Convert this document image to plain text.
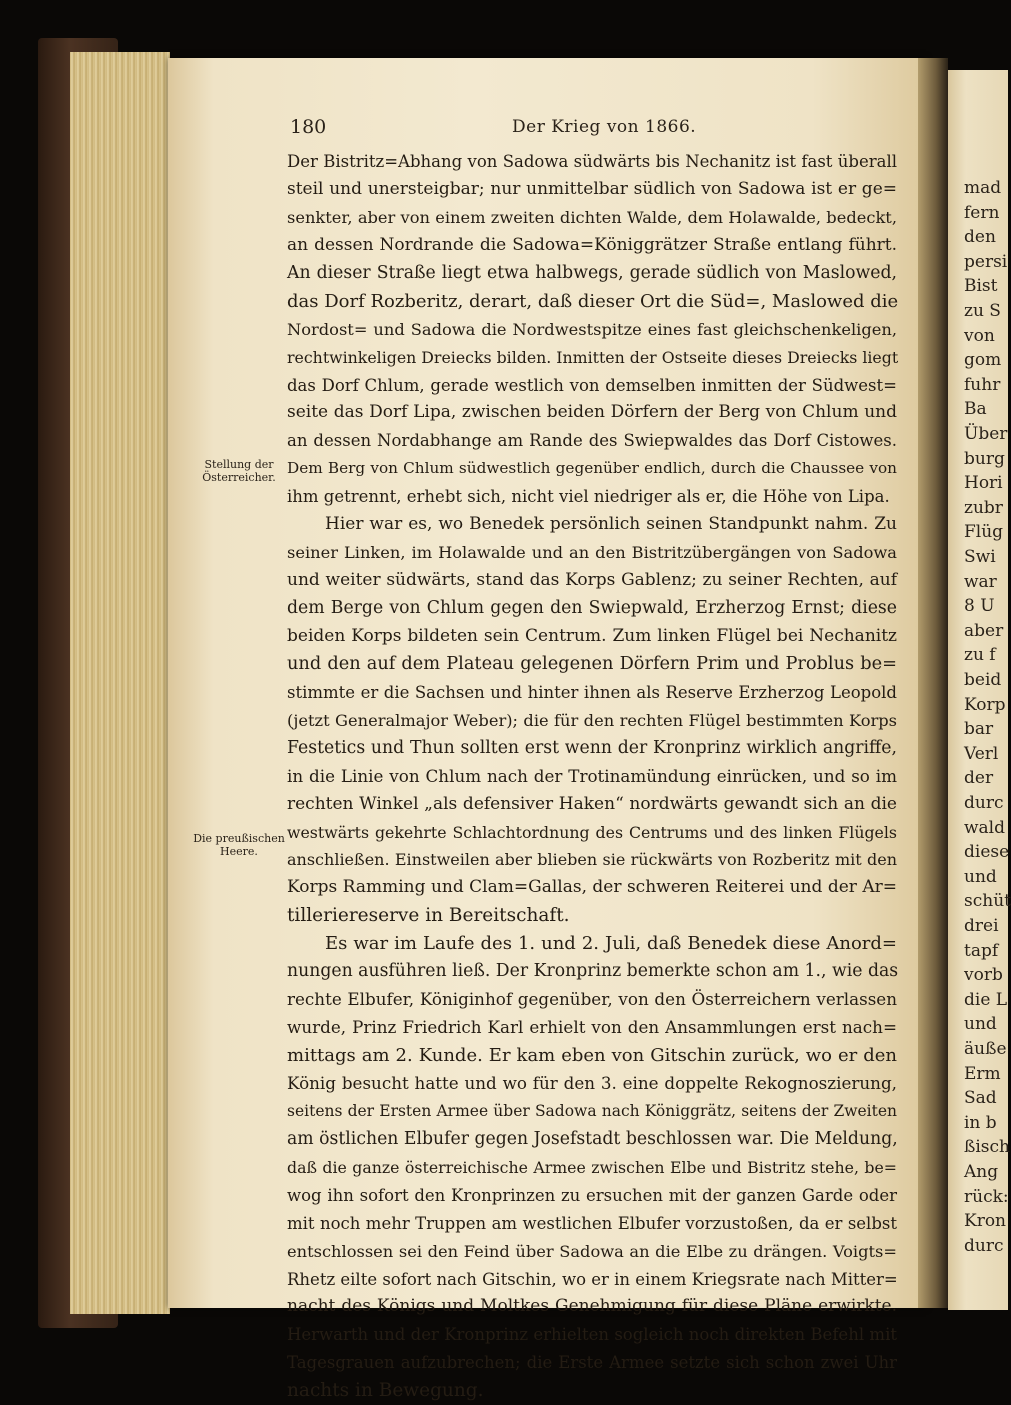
mad
fern
den
persi
Bist
zu S
von
gom
fuhr
Ba
Über
burg
Hori
zubr
Flüg
Swi
war
8 U
aber
zu f
beid
Korp
bar
Verl
der
durc
wald
diese
und
schüt
drei
tapf
vorb
die L
und
äuße
Erm
Sad
in b
ßisch
Ang
rück:
Kron
durc
180	Der Krieg von 1866.
Stellung der Österreicher.
Die preußischen Heere.
Der Bistritz=Abhang von Sadowa südwärts bis Nechanitz ist fast überall
steil und unersteigbar; nur unmittelbar südlich von Sadowa ist er ge=
senkter, aber von einem zweiten dichten Walde, dem Holawalde, bedeckt,
an dessen Nordrande die Sadowa=Königgrätzer Straße entlang führt.
An dieser Straße liegt etwa halbwegs, gerade südlich von Maslowed,
das Dorf Rozberitz, derart, daß dieser Ort die Süd=, Maslowed die
Nordost= und Sadowa die Nordwestspitze eines fast gleichschenkeligen,
rechtwinkeligen Dreiecks bilden. Inmitten der Ostseite dieses Dreiecks liegt
das Dorf Chlum, gerade westlich von demselben inmitten der Südwest=
seite das Dorf Lipa, zwischen beiden Dörfern der Berg von Chlum und
an dessen Nordabhange am Rande des Swiepwaldes das Dorf Cistowes.
Dem Berg von Chlum südwestlich gegenüber endlich, durch die Chaussee von
ihm getrennt, erhebt sich, nicht viel niedriger als er, die Höhe von Lipa.
Hier war es, wo Benedek persönlich seinen Standpunkt nahm. Zu
seiner Linken, im Holawalde und an den Bistritzübergängen von Sadowa
und weiter südwärts, stand das Korps Gablenz; zu seiner Rechten, auf
dem Berge von Chlum gegen den Swiepwald, Erzherzog Ernst; diese
beiden Korps bildeten sein Centrum. Zum linken Flügel bei Nechanitz
und den auf dem Plateau gelegenen Dörfern Prim und Problus be=
stimmte er die Sachsen und hinter ihnen als Reserve Erzherzog Leopold
(jetzt Generalmajor Weber); die für den rechten Flügel bestimmten Korps
Festetics und Thun sollten erst wenn der Kronprinz wirklich angriffe,
in die Linie von Chlum nach der Trotinamündung einrücken, und so im
rechten Winkel „als defensiver Haken“ nordwärts gewandt sich an die
westwärts gekehrte Schlachtordnung des Centrums und des linken Flügels
anschließen. Einstweilen aber blieben sie rückwärts von Rozberitz mit den
Korps Ramming und Clam=Gallas, der schweren Reiterei und der Ar=
tilleriereserve in Bereitschaft.
Es war im Laufe des 1. und 2. Juli, daß Benedek diese Anord=
nungen ausführen ließ. Der Kronprinz bemerkte schon am 1., wie das
rechte Elbufer, Königinhof gegenüber, von den Österreichern verlassen
wurde, Prinz Friedrich Karl erhielt von den Ansammlungen erst nach=
mittags am 2. Kunde. Er kam eben von Gitschin zurück, wo er den
König besucht hatte und wo für den 3. eine doppelte Rekognoszierung,
seitens der Ersten Armee über Sadowa nach Königgrätz, seitens der Zweiten
am östlichen Elbufer gegen Josefstadt beschlossen war. Die Meldung,
daß die ganze österreichische Armee zwischen Elbe und Bistritz stehe, be=
wog ihn sofort den Kronprinzen zu ersuchen mit der ganzen Garde oder
mit noch mehr Truppen am westlichen Elbufer vorzustoßen, da er selbst
entschlossen sei den Feind über Sadowa an die Elbe zu drängen. Voigts=
Rhetz eilte sofort nach Gitschin, wo er in einem Kriegsrate nach Mitter=
nacht des Königs und Moltkes Genehmigung für diese Pläne erwirkte.
Herwarth und der Kronprinz erhielten sogleich noch direkten Befehl mit
Tagesgrauen aufzubrechen; die Erste Armee setzte sich schon zwei Uhr
nachts in Bewegung.
